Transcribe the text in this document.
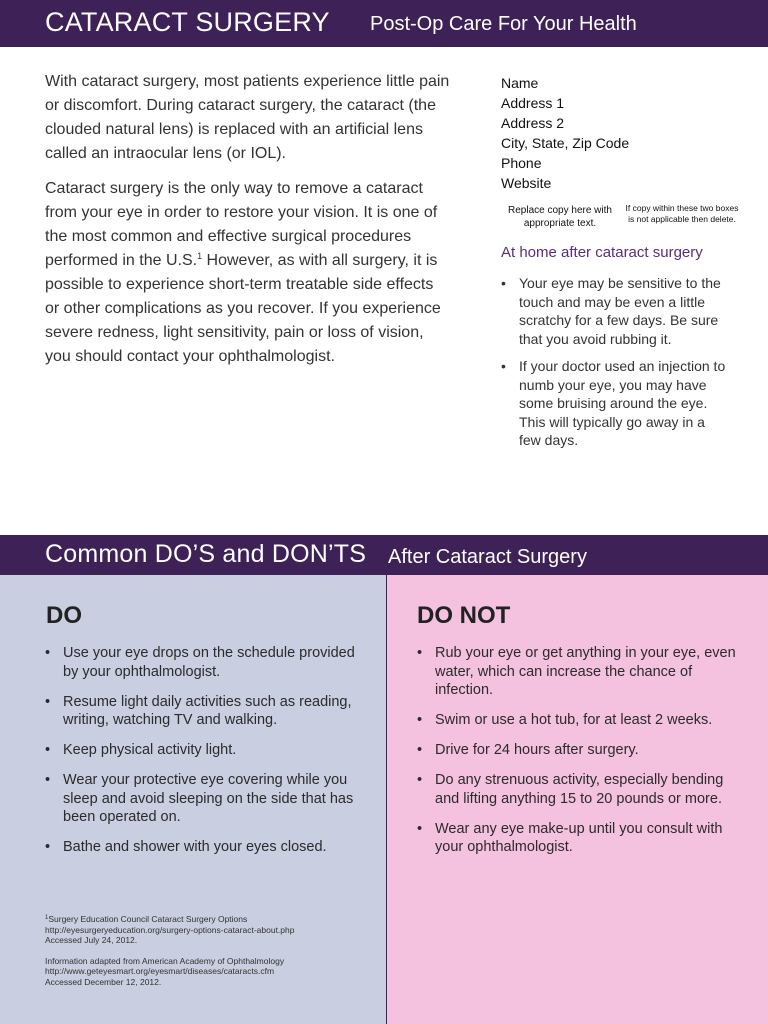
CATARACT SURGERY Post-Op Care For Your Health

With cataract surgery, most patients experience little pain or discomfort. During cataract surgery, the cataract (the clouded natural lens) is replaced with an artificial lens called an intraocular lens (or IOL).

Cataract surgery is the only way to remove a cataract from your eye in order to restore your vision. It is one of the most common and effective surgical procedures performed in the U.S.$^1$ However, as with all surgery, it is possible to experience short-term treatable side effects or other complications as you recover. If you experience severe redness, light sensitivity, pain or loss of vision, you should contact your ophthalmologist.

Name
Address 1
Address 2
City, State, Zip Code
Phone
Website
Replace copy here with appropriate text.
If copy within these two boxes is not applicable then delete.
At home after cataract surgery
• Your eye may be sensitive to the touch and may be even a little scratchy for a few days. Be sure that you avoid rubbing it.
• If your doctor used an injection to numb your eye, you may have some bruising around the eye. This will typically go away in a few days.
Common DO’S and DON’TS After Cataract Surgery
DO
• Use your eye drops on the schedule provided by your ophthalmologist.
• Resume light daily activities such as reading, writing, watching TV and walking.
• Keep physical activity light.
• Wear your protective eye covering while you sleep and avoid sleeping on the side that has been operated on.
• Bathe and shower with your eyes closed.
DO NOT
• Rub your eye or get anything in your eye, even water, which can increase the chance of infection.
• Swim or use a hot tub, for at least 2 weeks.
• Drive for 24 hours after surgery.
• Do any strenuous activity, especially bending and lifting anything 15 to 20 pounds or more.
• Wear any eye make-up until you consult with your ophthalmologist.

$^1$Surgery Education Council Cataract Surgery Options
http://eyesurgeryeducation.org/surgery-options-cataract-about.php
Accessed July 24, 2012.

Information adapted from American Academy of Ophthalmology
http://www.geteyesmart.org/eyesmart/diseases/cataracts.cfm
Accessed December 12, 2012.
